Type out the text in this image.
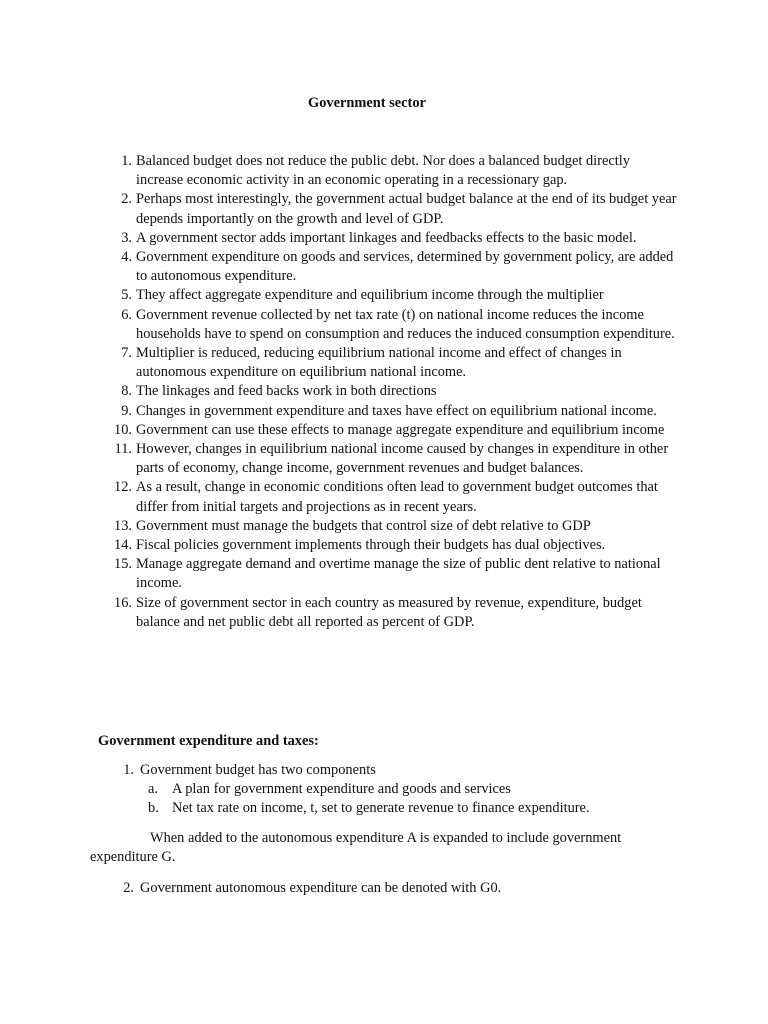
Government sector
1. Balanced budget does not reduce the public debt. Nor does a balanced budget directly increase economic activity in an economic operating in a recessionary gap.
2. Perhaps most interestingly, the government actual budget balance at the end of its budget year depends importantly on the growth and level of GDP.
3. A government sector adds important linkages and feedbacks effects to the basic model.
4. Government expenditure on goods and services, determined by government policy, are added to autonomous expenditure.
5. They affect aggregate expenditure and equilibrium income through the multiplier
6. Government revenue collected by net tax rate (t) on national income reduces the income households have to spend on consumption and reduces the induced consumption expenditure.
7. Multiplier is reduced, reducing equilibrium national income and effect of changes in autonomous expenditure on equilibrium national income.
8. The linkages and feed backs work in both directions
9. Changes in government expenditure and taxes have effect on equilibrium national income.
10. Government can use these effects to manage aggregate expenditure and equilibrium income
11. However, changes in equilibrium national income caused by changes in expenditure in other parts of economy, change income, government revenues and budget balances.
12. As a result, change in economic conditions often lead to government budget outcomes that differ from initial targets and projections as in recent years.
13. Government must manage the budgets that control size of debt relative to GDP
14. Fiscal policies government implements through their budgets has dual objectives.
15. Manage aggregate demand and overtime manage the size of public dent relative to national income.
16. Size of government sector in each country as measured by revenue, expenditure, budget balance and net public debt all reported as percent of GDP.
Government expenditure and taxes:
1. Government budget has two components
a. A plan for government expenditure and goods and services
b. Net tax rate on income, t, set to generate revenue to finance expenditure.

When added to the autonomous expenditure A is expanded to include government expenditure G.

2. Government autonomous expenditure can be denoted with G0.
